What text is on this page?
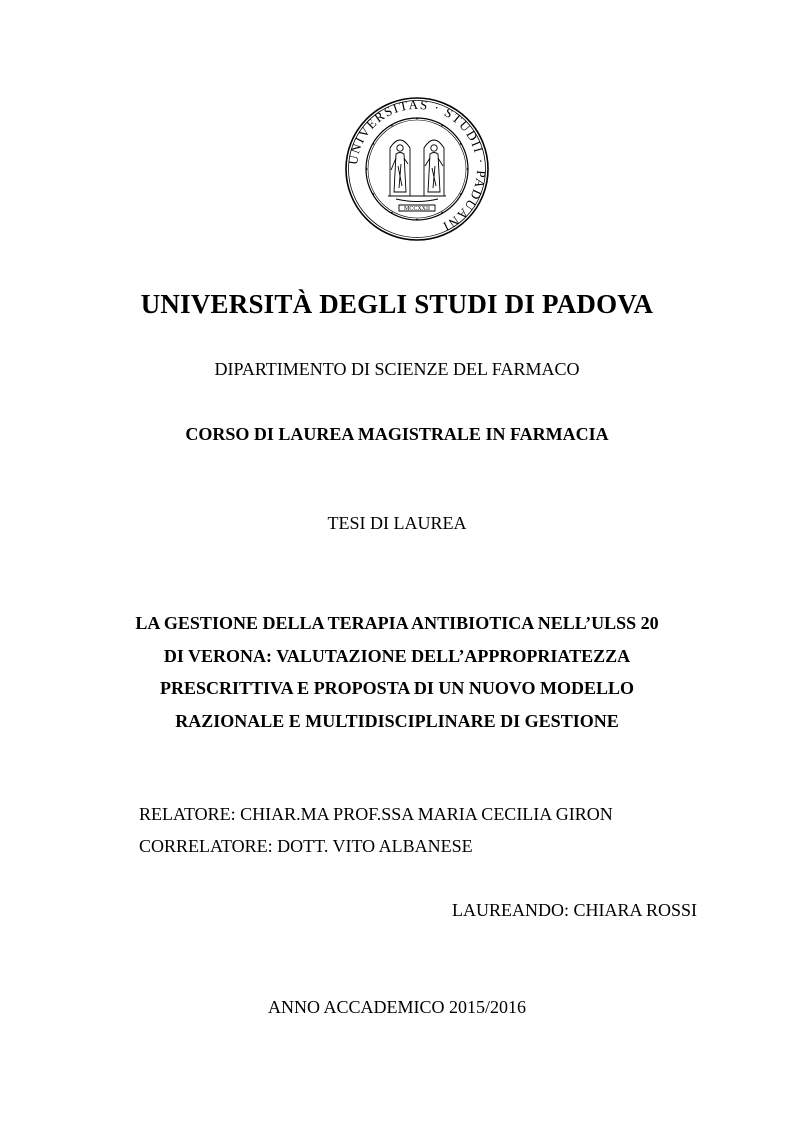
UNIVERSITAS · STUDII · PADUANI
MCCXXII
UNIVERSITÀ DEGLI STUDI DI PADOVA
DIPARTIMENTO DI SCIENZE DEL FARMACO
CORSO DI LAUREA MAGISTRALE IN FARMACIA
TESI DI LAUREA
LA GESTIONE DELLA TERAPIA ANTIBIOTICA NELL’ULSS 20
DI VERONA: VALUTAZIONE DELL’APPROPRIATEZZA
PRESCRITTIVA E PROPOSTA DI UN NUOVO MODELLO
RAZIONALE E MULTIDISCIPLINARE DI GESTIONE
RELATORE: CHIAR.MA PROF.SSA MARIA CECILIA GIRON
CORRELATORE: DOTT. VITO ALBANESE
LAUREANDO: CHIARA ROSSI
ANNO ACCADEMICO 2015/2016
